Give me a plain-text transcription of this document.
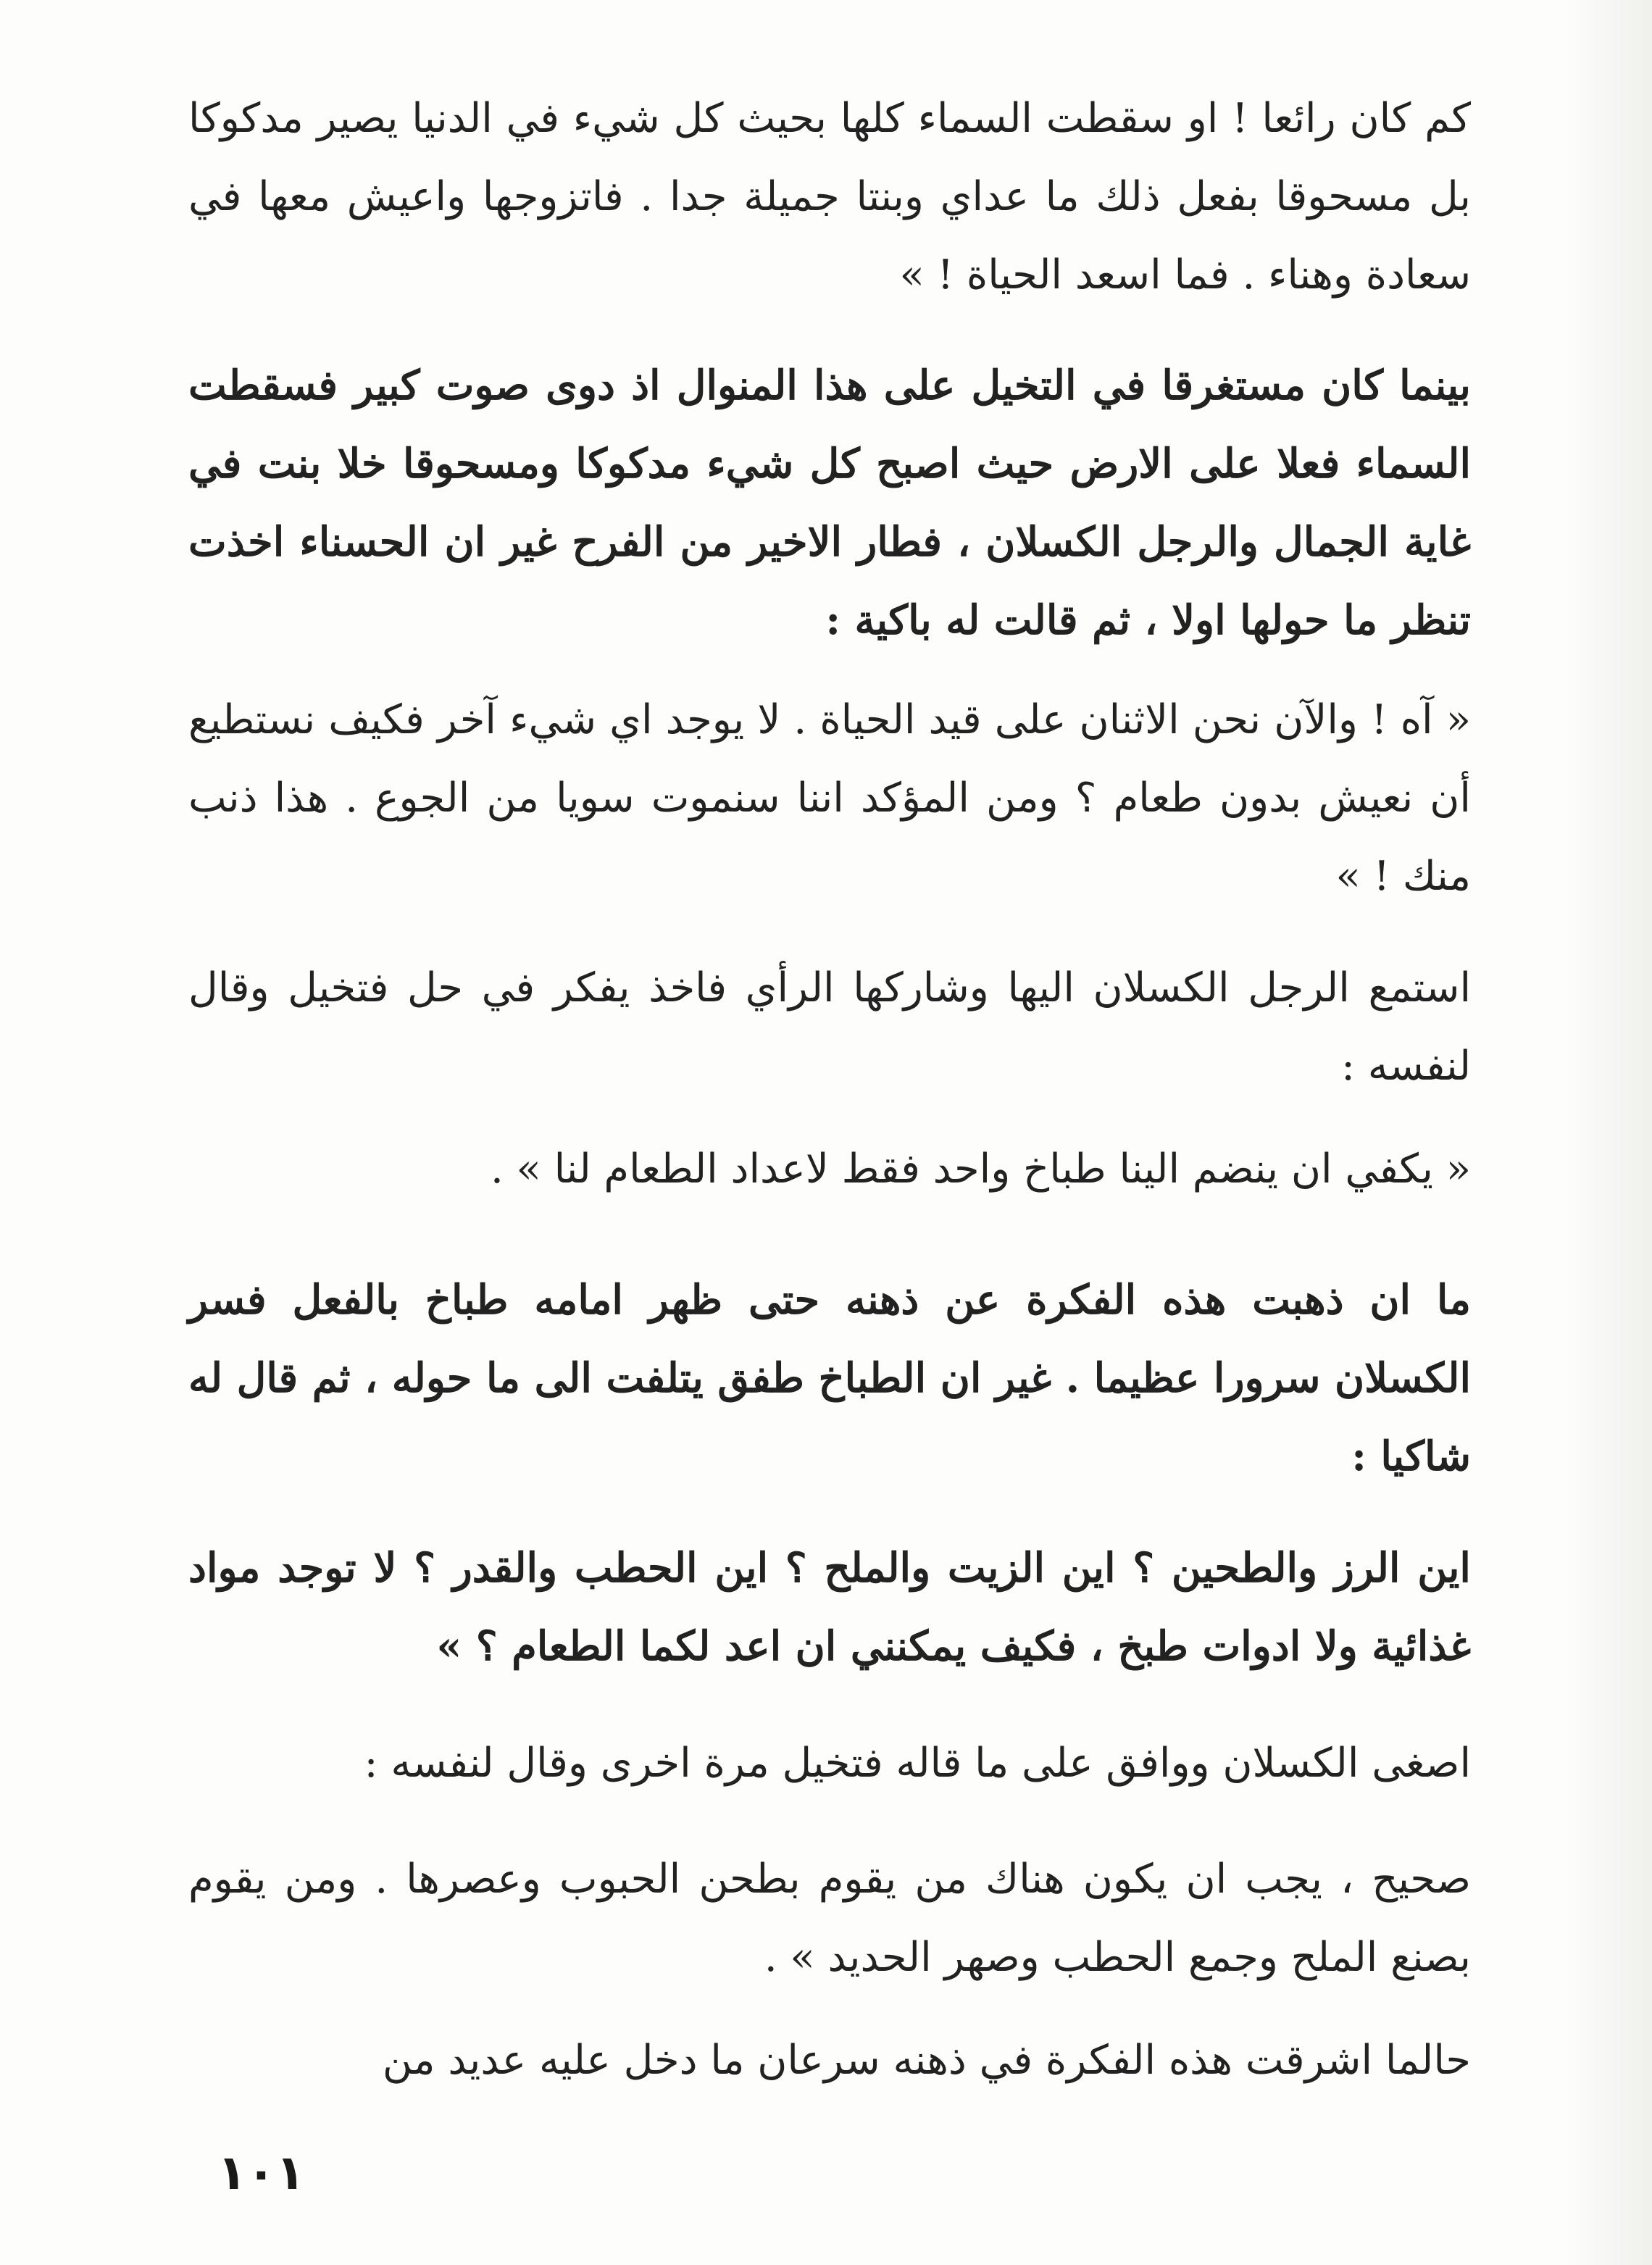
كم كان رائعا ! او سقطت السماء كلها بحيث كل شيء في الدنيا يصير مدكوكا بل مسحوقا بفعل ذلك ما عداي وبنتا جميلة جدا . فاتزوجها واعيش معها في سعادة وهناء . فما اسعد الحياة ! »

بينما كان مستغرقا في التخيل على هذا المنوال اذ دوى صوت كبير فسقطت السماء فعلا على الارض حيث اصبح كل شيء مدكوكا ومسحوقا خلا بنت في غاية الجمال والرجل الكسلان ، فطار الاخير من الفرح غير ان الحسناء اخذت تنظر ما حولها اولا ، ثم قالت له باكية :

« آه ! والآن نحن الاثنان على قيد الحياة . لا يوجد اي شيء آخر فكيف نستطيع أن نعيش بدون طعام ؟ ومن المؤكد اننا سنموت سويا من الجوع . هذا ذنب منك ! »

استمع الرجل الكسلان اليها وشاركها الرأي فاخذ يفكر في حل فتخيل وقال لنفسه :

« يكفي ان ينضم الينا طباخ واحد فقط لاعداد الطعام لنا » .

ما ان ذهبت هذه الفكرة عن ذهنه حتى ظهر امامه طباخ بالفعل فسر الكسلان سرورا عظيما . غير ان الطباخ طفق يتلفت الى ما حوله ، ثم قال له شاكيا :

اين الرز والطحين ؟ اين الزيت والملح ؟ اين الحطب والقدر ؟ لا توجد مواد غذائية ولا ادوات طبخ ، فكيف يمكنني ان اعد لكما الطعام ؟ »

اصغى الكسلان ووافق على ما قاله فتخيل مرة اخرى وقال لنفسه :

صحيح ، يجب ان يكون هناك من يقوم بطحن الحبوب وعصرها . ومن يقوم بصنع الملح وجمع الحطب وصهر الحديد » .

حالما اشرقت هذه الفكرة في ذهنه سرعان ما دخل عليه عديد من

١٠١
